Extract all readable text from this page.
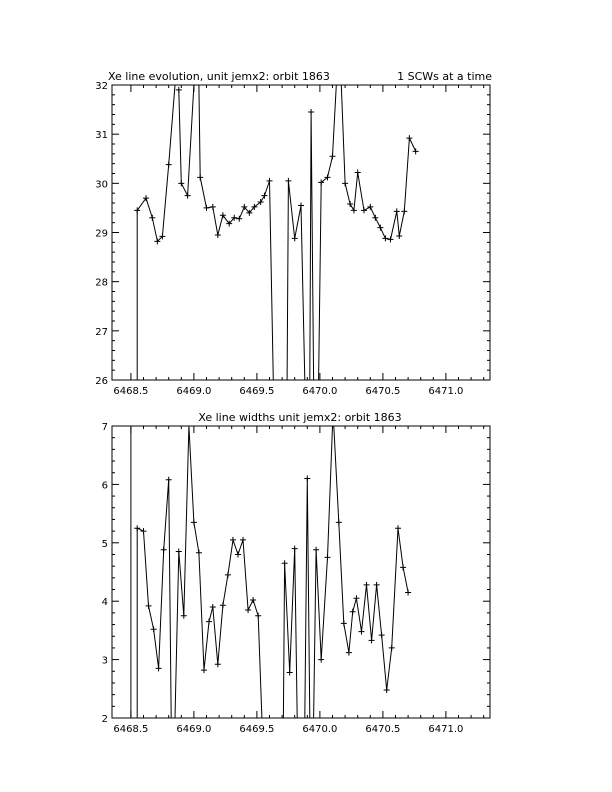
Xe line evolution, unit jemx2: orbit 1863	1 SCWs at a time
6468.5	6469.0	6469.5	6470.0	6470.5	6471.0
26
27
28
29
30
31
32
Xe line widths unit jemx2: orbit 1863
6468.5	6469.0	6469.5	6470.0	6470.5	6471.0
2
3
4
5
6
7
